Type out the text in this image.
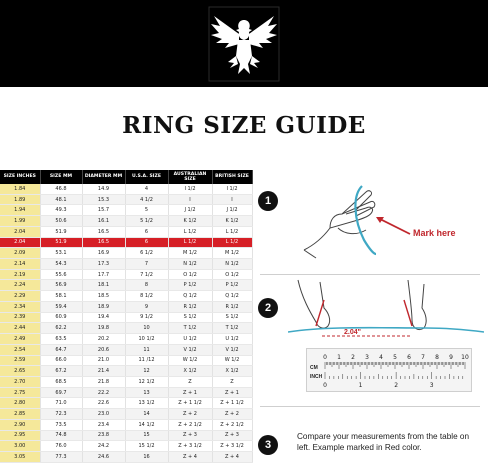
RING SIZE GUIDE
SIZE INCHES	SIZE MM	DIAMETER MM	U.S.A. SIZE	AUSTRALIAN SIZE	BRITISH SIZE
1.84	46.8	14.9	4	I 1/2	I 1/2
1.89	48.1	15.3	4 1/2	I	I
1.94	49.3	15.7	5	J 1/2	J 1/2
1.99	50.6	16.1	5 1/2	K 1/2	K 1/2
2.04	51.9	16.5	6	L 1/2	L 1/2
2.04	51.9	16.5	6	L 1/2	L 1/2
2.09	53.1	16.9	6 1/2	M 1/2	M 1/2
2.14	54.3	17.3	7	N 1/2	N 1/2
2.19	55.6	17.7	7 1/2	O 1/2	O 1/2
2.24	56.9	18.1	8	P 1/2	P 1/2
2.29	58.1	18.5	8 1/2	Q 1/2	Q 1/2
2.34	59.4	18.9	9	R 1/2	R 1/2
2.39	60.9	19.4	9 1/2	S 1/2	S 1/2
2.44	62.2	19.8	10	T 1/2	T 1/2
2.49	63.5	20.2	10 1/2	U 1/2	U 1/2
2.54	64.7	20.6	11	V 1/2	V 1/2
2.59	66.0	21.0	11 /12	W 1/2	W 1/2
2.65	67.2	21.4	12	X 1/2	X 1/2
2.70	68.5	21.8	12 1/2	Z	Z
2.75	69.7	22.2	13	Z + 1	Z + 1
2.80	71.0	22.6	13 1/2	Z + 1 1/2	Z + 1 1/2
2.85	72.3	23.0	14	Z + 2	Z + 2
2.90	73.5	23.4	14 1/2	Z + 2 1/2	Z + 2 1/2
2.95	74.8	23.8	15	Z + 3	Z + 3
3.00	76.0	24.2	15 1/2	Z + 3 1/2	Z + 3 1/2
3.05	77.3	24.6	16	Z + 4	Z + 4
1
Mark here
2
2.04"
0 1 2 3 4 5 6 7 8 9 10
0	1	2	3
CM
INCH
3
Compare your measurements from the table on left. Example marked in Red color.
